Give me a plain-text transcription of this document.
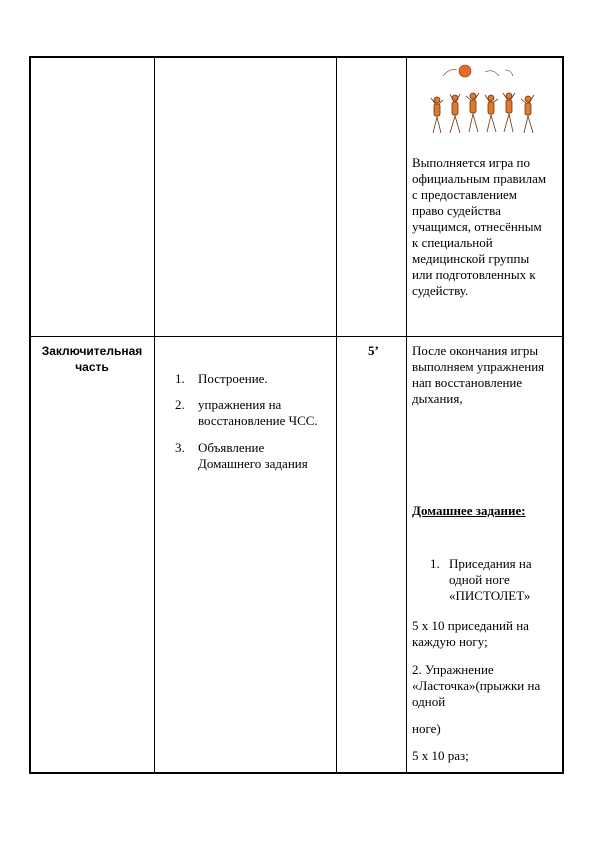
Выполняется игра по
официальным правилам
с предоставлением
право судейства
учащимся, отнесённым
к специальной
медицинской группы
или подготовленных к
судейству.
Заключительная
часть
1. Построение.
2. упражнения на
восстановление ЧСС.
3. Объявление
Домашнего задания
5’	После окончания игры
выполняем упражнения
нап восстановление
дыхания,
Домашнее задание:
1. Приседания на
одной ноге
«ПИСТОЛЕТ»
5 х 10 приседаний на
каждую ногу;
2. Упражнение
«Ласточка»(прыжки на
одной
ноге)
5 х 10 раз;
